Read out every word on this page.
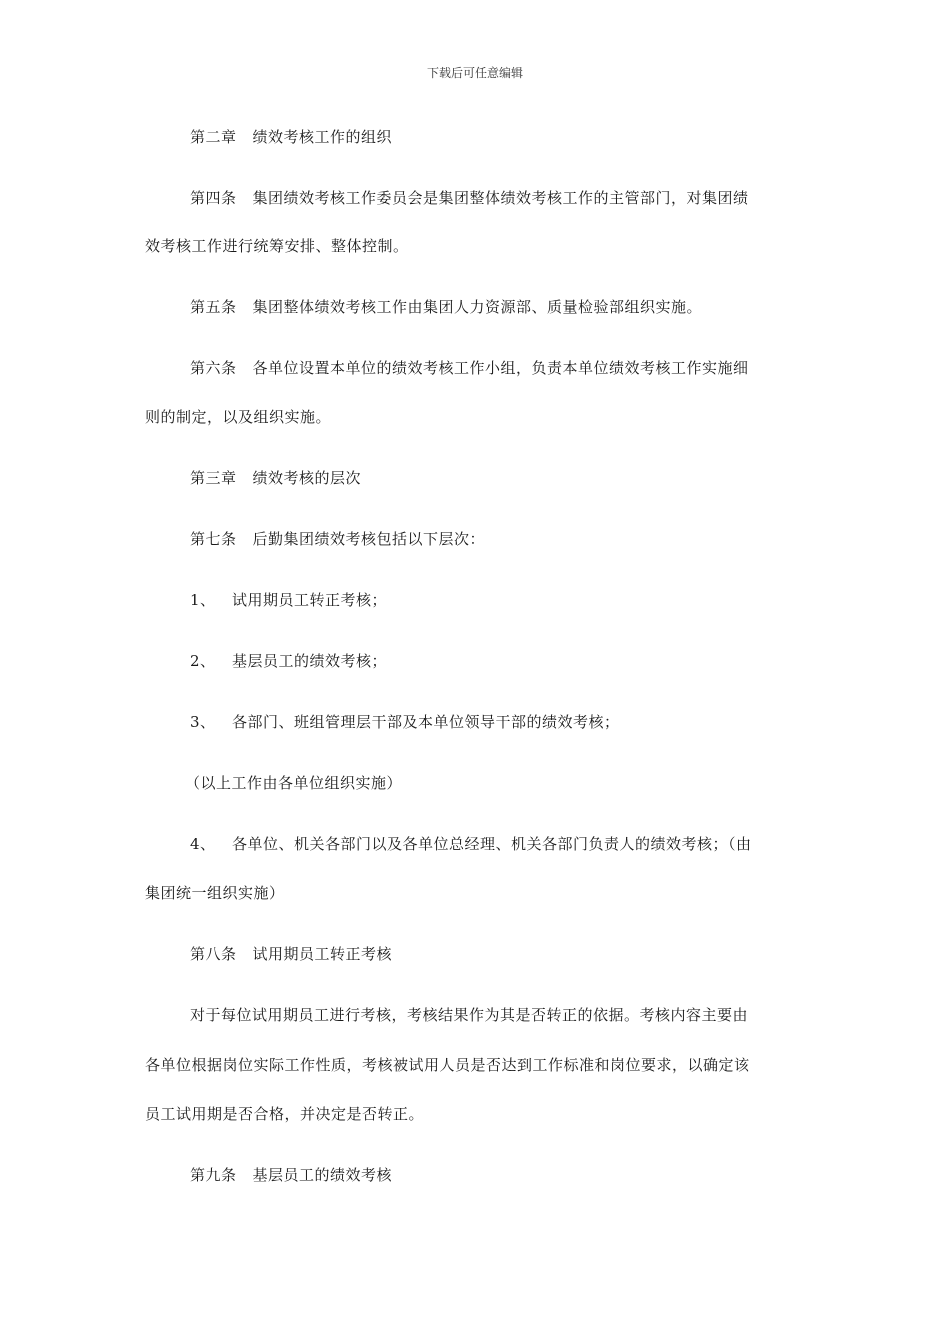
下载后可任意编辑
第二章 绩效考核工作的组织
第四条 集团绩效考核工作委员会是集团整体绩效考核工作的主管部门，对集团绩
效考核工作进行统筹安排、整体控制。
第五条 集团整体绩效考核工作由集团人力资源部、质量检验部组织实施。
第六条 各单位设置本单位的绩效考核工作小组，负责本单位绩效考核工作实施细
则的制定，以及组织实施。
第三章 绩效考核的层次
第七条 后勤集团绩效考核包括以下层次：
1、 试用期员工转正考核；
2、 基层员工的绩效考核；
3、 各部门、班组管理层干部及本单位领导干部的绩效考核；
（以上工作由各单位组织实施）
4、 各单位、机关各部门以及各单位总经理、机关各部门负责人的绩效考核；（由
集团统一组织实施）
第八条 试用期员工转正考核
对于每位试用期员工进行考核，考核结果作为其是否转正的依据。考核内容主要由
各单位根据岗位实际工作性质，考核被试用人员是否达到工作标准和岗位要求，以确定该
员工试用期是否合格，并决定是否转正。
第九条 基层员工的绩效考核
